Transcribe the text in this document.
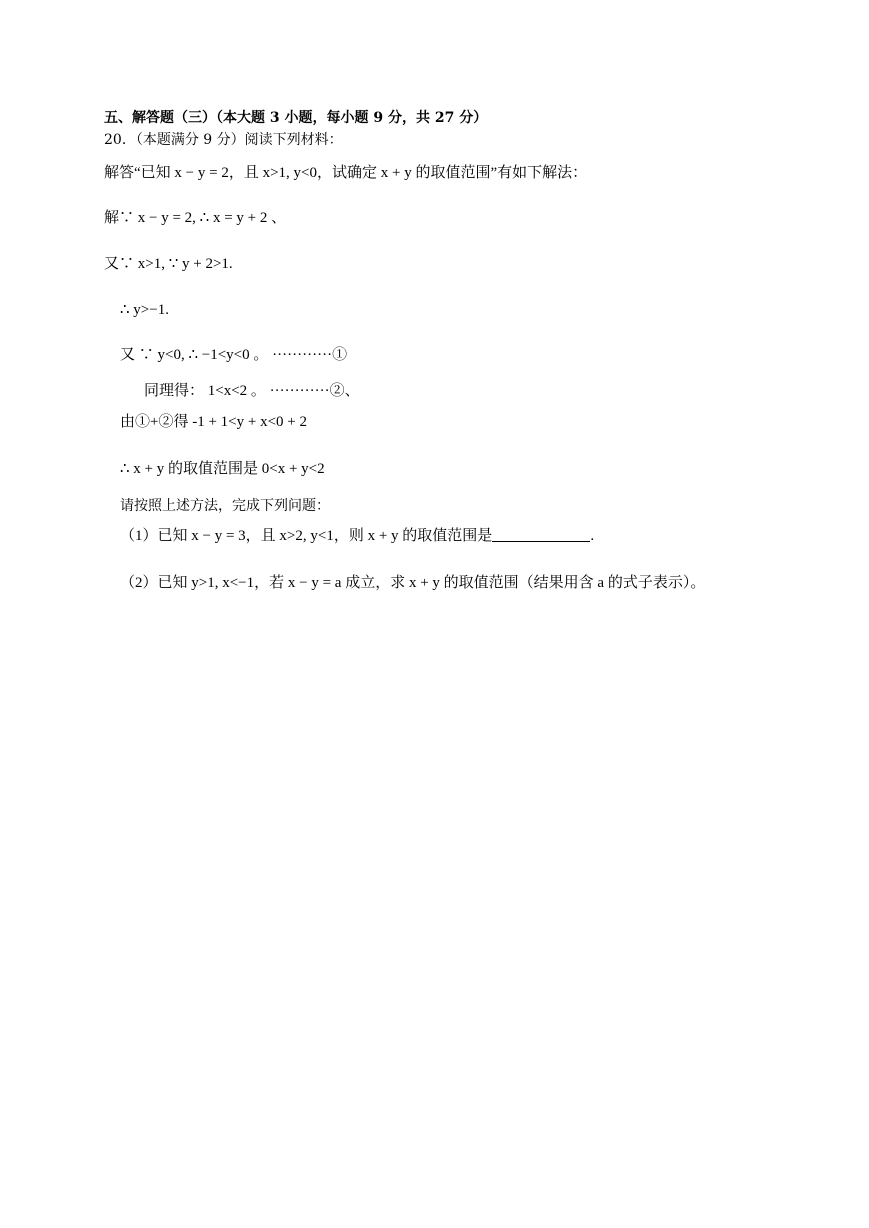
五、解答题（三）（本大题 3 小题，每小题 9 分，共 27 分）
20．（本题满分 9 分）阅读下列材料：
解答“已知 x − y = 2，且 x>1, y<0，试确定 x + y 的取值范围”有如下解法：
解∵ x − y = 2, ∴ x = y + 2 、
又∵ x>1, ∵ y + 2>1.
∴ y>−1.
又 ∵ y<0, ∴ −1<y<0 。 ············①
同理得： 1<x<2 。 ············②、
由①+②得 -1 + 1<y + x<0 + 2
∴ x + y 的取值范围是 0<x + y<2
请按照上述方法，完成下列问题：
（1）已知 x − y = 3，且 x>2, y<1，则 x + y 的取值范围是	.
（2）已知 y>1, x<−1，若 x − y = a 成立，求 x + y 的取值范围（结果用含 a 的式子表示）。
